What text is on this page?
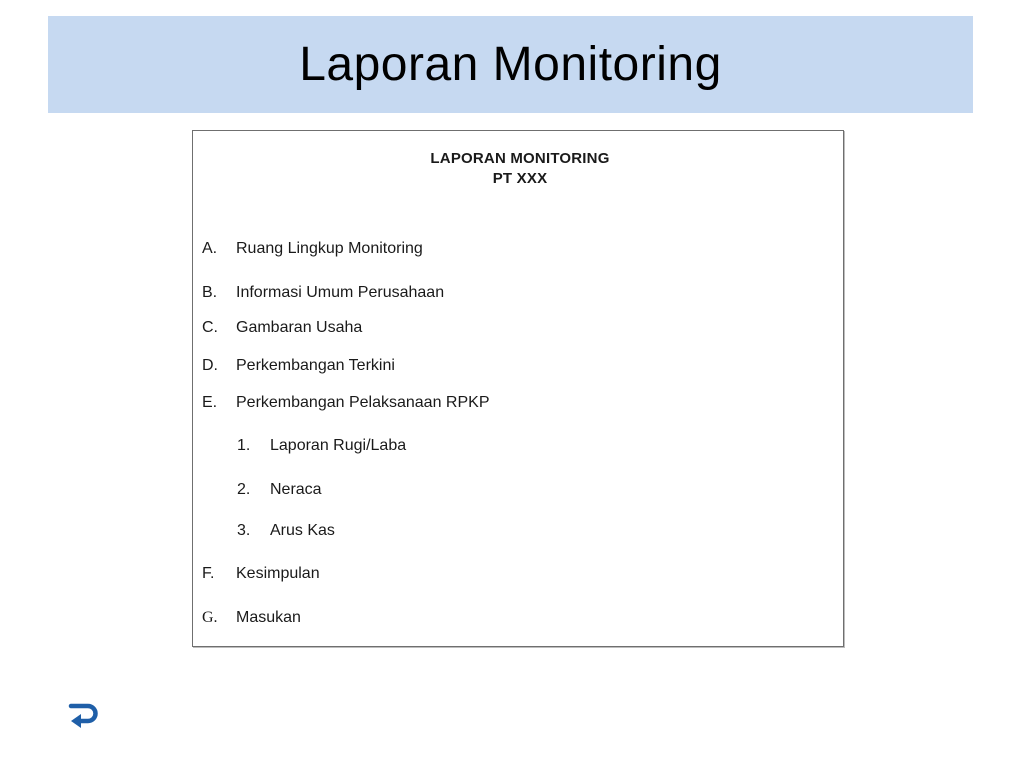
Laporan Monitoring
LAPORAN MONITORING
PT XXX
A. Ruang Lingkup Monitoring
B. Informasi Umum Perusahaan
C. Gambaran Usaha
D. Perkembangan Terkini
E. Perkembangan Pelaksanaan RPKP
1. Laporan Rugi/Laba
2. Neraca
3. Arus Kas
F. Kesimpulan
G. Masukan
